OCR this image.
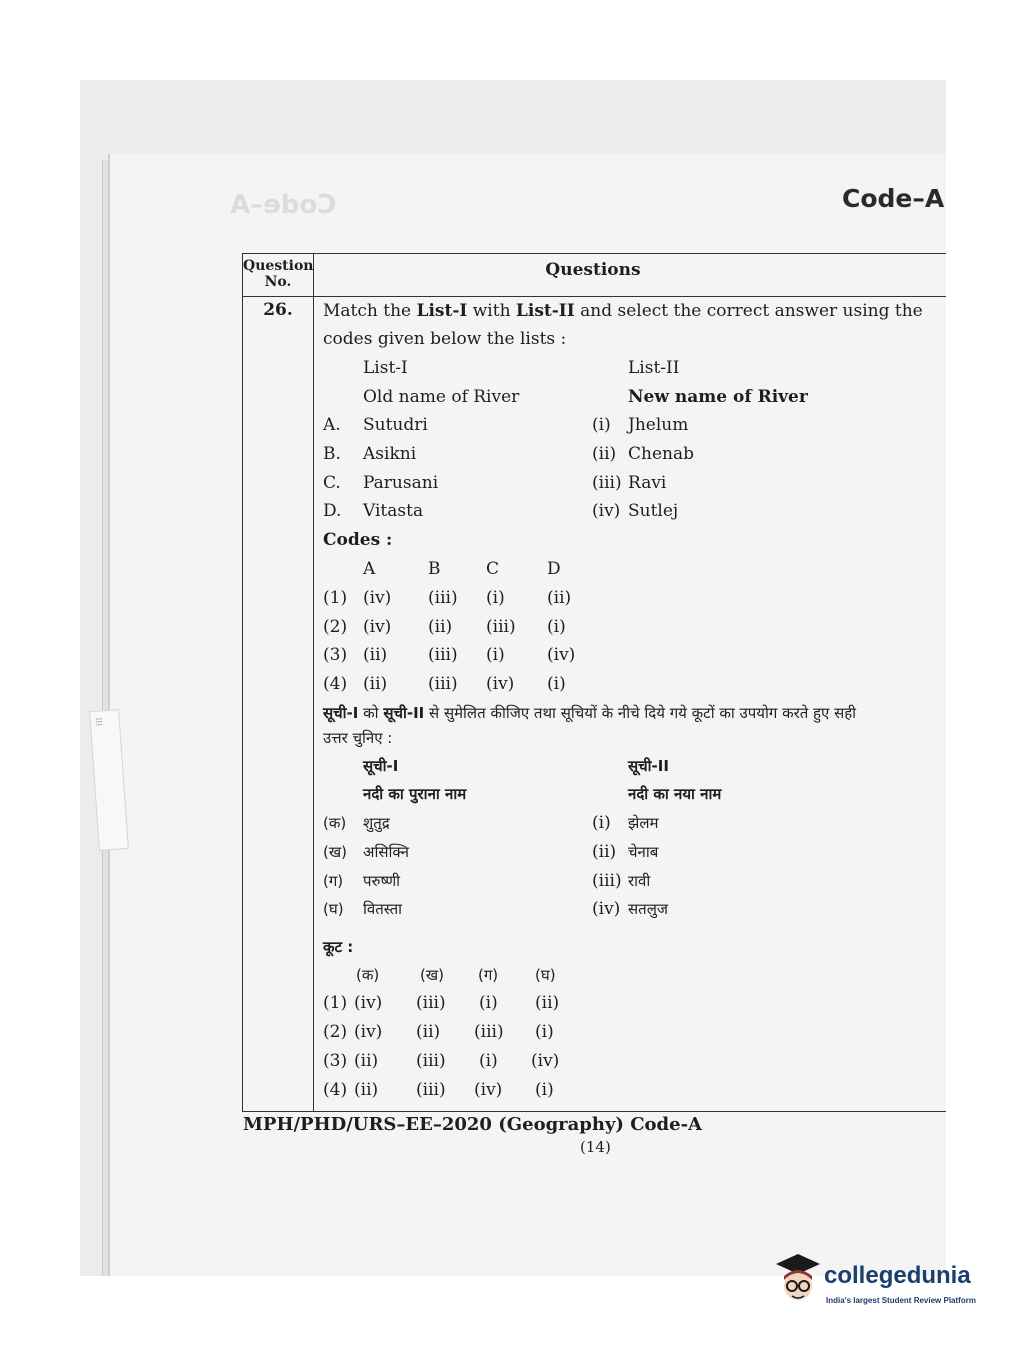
Code–A
⁞⁞⁞
Code–A
Question No.
Questions
26.	Match the List-I with List-II and select the correct answer using the
codes given below the lists :
List-I	List-II
Old name of River	New name of River
A. Sutudri	(i) Jhelum
B. Asikni	(ii) Chenab
C. Parusani	(iii) Ravi
D. Vitasta	(iv) Sutlej
Codes :
A	B	C	D
(1) (iv) (iii) (i) (ii)
(2) (iv) (ii) (iii) (i)
(3) (ii) (iii) (i) (iv)
(4) (ii) (iii) (iv) (i)
सूची-I को सूची-II से सुमेलित कीजिए तथा सूचियों के नीचे दिये गये कूटों का उपयोग करते हुए सही
उत्तर चुनिए :
सूची-I	सूची-II
नदी का पुराना नाम	नदी का नया नाम
(क) शुतुद्र	(i) झेलम
(ख) असिक्नि	(ii) चेनाब
(ग) परुष्णी	(iii) रावी
(घ) वितस्ता	(iv) सतलुज
कूट :
(क)	(ख) (ग) (घ)
(1) (iv) (iii) (i) (ii)
(2) (iv) (ii) (iii) (i)
(3) (ii) (iii) (i) (iv)
(4) (ii) (iii) (iv) (i)
MPH/PHD/URS–EE–2020 (Geography) Code-A
(14)
collegedunia
India's largest Student Review Platform
